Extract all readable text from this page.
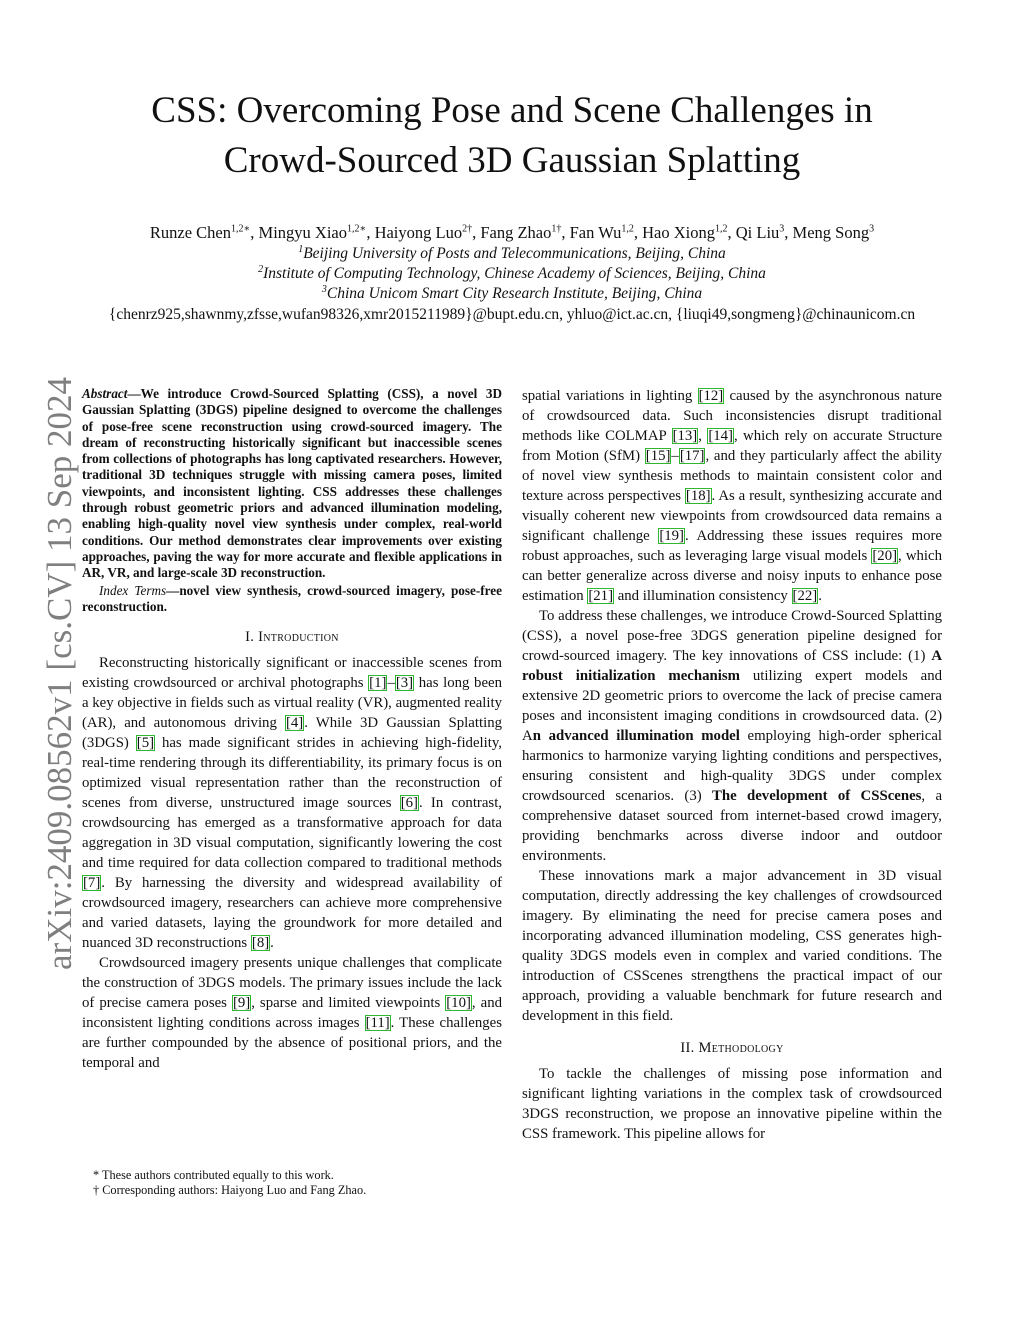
CSS: Overcoming Pose and Scene Challenges in
Crowd-Sourced 3D Gaussian Splatting
Runze Chen$^{1,2∗}$, Mingyu Xiao$^{1,2∗}$, Haiyong Luo$^{2\dagger}$, Fang Zhao$^{1\dagger}$, Fan Wu$^{1,2}$, Hao Xiong$^{1,2}$, Qi Liu$^3$, Meng Song$^3$
$^1$Beijing University of Posts and Telecommunications, Beijing, China
$^2$Institute of Computing Technology, Chinese Academy of Sciences, Beijing, China
$^3$China Unicom Smart City Research Institute, Beijing, China
{chenrz925,shawnmy,zfsse,wufan98326,xmr2015211989}@bupt.edu.cn, yhluo@ict.ac.cn, {liuqi49,songmeng}@chinaunicom.cn
arXiv:2409.08562v1 [cs.CV] 13 Sep 2024 Abstract—We introduce Crowd-Sourced Splatting (CSS), a novel 3D Gaussian Splatting (3DGS) pipeline designed to overcome the challenges of pose-free scene reconstruction using crowd-sourced imagery. The dream of reconstructing historically significant but inaccessible scenes from collections of photographs has long captivated researchers. However, traditional 3D techniques struggle with missing camera poses, limited viewpoints, and inconsistent lighting. CSS addresses these challenges through robust geometric priors and advanced illumination modeling, enabling high-quality novel view synthesis under complex, real-world conditions. Our method demonstrates clear improvements over existing approaches, paving the way for more accurate and flexible applications in AR, VR, and large-scale 3D reconstruction.

Index Terms—novel view synthesis, crowd-sourced imagery, pose-free reconstruction.

I. Introduction

Reconstructing historically significant or inaccessible scenes from existing crowdsourced or archival photographs [1]–[3] has long been a key objective in fields such as virtual reality (VR), augmented reality (AR), and autonomous driving [4]. While 3D Gaussian Splatting (3DGS) [5] has made significant strides in achieving high-fidelity, real-time rendering through its differentiability, its primary focus is on optimized visual representation rather than the reconstruction of scenes from diverse, unstructured image sources [6]. In contrast, crowdsourcing has emerged as a transformative approach for data aggregation in 3D visual computation, significantly lowering the cost and time required for data collection compared to traditional methods [7]. By harnessing the diversity and widespread availability of crowdsourced imagery, researchers can achieve more comprehensive and varied datasets, laying the groundwork for more detailed and nuanced 3D reconstructions [8].

Crowdsourced imagery presents unique challenges that complicate the construction of 3DGS models. The primary issues include the lack of precise camera poses [9], sparse and limited viewpoints [10], and inconsistent lighting conditions across images [11]. These challenges are further compounded by the absence of positional priors, and the temporal and

spatial variations in lighting [12] caused by the asynchronous nature of crowdsourced data. Such inconsistencies disrupt traditional methods like COLMAP [13], [14], which rely on accurate Structure from Motion (SfM) [15]–[17], and they particularly affect the ability of novel view synthesis methods to maintain consistent color and texture across perspectives [18]. As a result, synthesizing accurate and visually coherent new viewpoints from crowdsourced data remains a significant challenge [19]. Addressing these issues requires more robust approaches, such as leveraging large visual models [20], which can better generalize across diverse and noisy inputs to enhance pose estimation [21] and illumination consistency [22].

To address these challenges, we introduce Crowd-Sourced Splatting (CSS), a novel pose-free 3DGS generation pipeline designed for crowd-sourced imagery. The key innovations of CSS include: (1) A robust initialization mechanism utilizing expert models and extensive 2D geometric priors to overcome the lack of precise camera poses and inconsistent imaging conditions in crowdsourced data. (2) An advanced illumination model employing high-order spherical harmonics to harmonize varying lighting conditions and perspectives, ensuring consistent and high-quality 3DGS under complex crowdsourced scenarios. (3) The development of CSScenes, a comprehensive dataset sourced from internet-based crowd imagery, providing benchmarks across diverse indoor and outdoor environments.

These innovations mark a major advancement in 3D visual computation, directly addressing the key challenges of crowdsourced imagery. By eliminating the need for precise camera poses and incorporating advanced illumination modeling, CSS generates high-quality 3DGS models even in complex and varied conditions. The introduction of CSScenes strengthens the practical impact of our approach, providing a valuable benchmark for future research and development in this field.

II. Methodology

To tackle the challenges of missing pose information and significant lighting variations in the complex task of crowdsourced 3DGS reconstruction, we propose an innovative pipeline within the CSS framework. This pipeline allows for

* These authors contributed equally to this work.
† Corresponding authors: Haiyong Luo and Fang Zhao.
